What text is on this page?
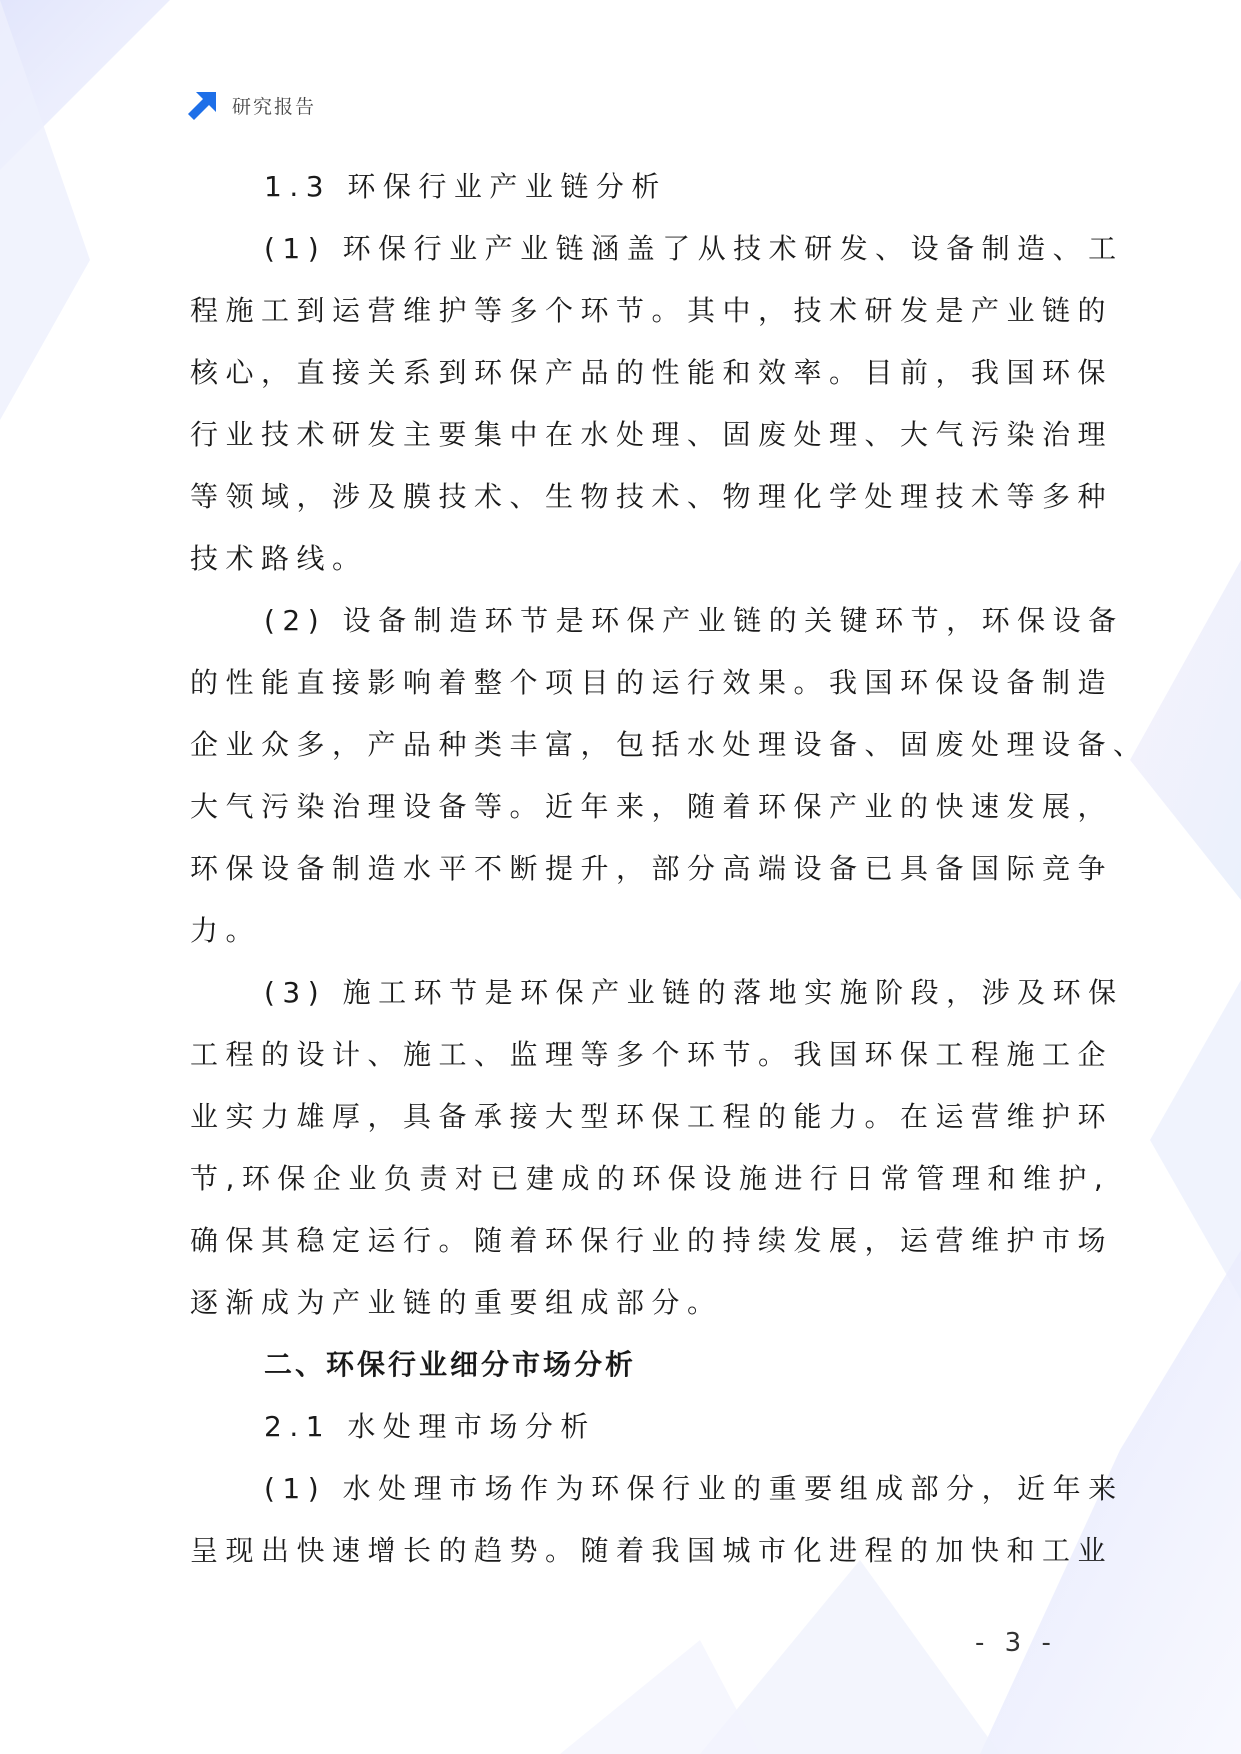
研究报告
1.3 环保行业产业链分析
(1) 环保行业产业链涵盖了从技术研发、设备制造、工
程施工到运营维护等多个环节。其中，技术研发是产业链的
核心，直接关系到环保产品的性能和效率。目前，我国环保
行业技术研发主要集中在水处理、固废处理、大气污染治理
等领域，涉及膜技术、生物技术、物理化学处理技术等多种
技术路线。
(2) 设备制造环节是环保产业链的关键环节，环保设备
的性能直接影响着整个项目的运行效果。我国环保设备制造
企业众多，产品种类丰富，包括水处理设备、固废处理设备、
大气污染治理设备等。近年来，随着环保产业的快速发展，
环保设备制造水平不断提升，部分高端设备已具备国际竞争
力。
(3) 施工环节是环保产业链的落地实施阶段，涉及环保
工程的设计、施工、监理等多个环节。我国环保工程施工企
业实力雄厚，具备承接大型环保工程的能力。在运营维护环
节,环保企业负责对已建成的环保设施进行日常管理和维护,
确保其稳定运行。随着环保行业的持续发展，运营维护市场
逐渐成为产业链的重要组成部分。
二、环保行业细分市场分析
2.1 水处理市场分析
(1) 水处理市场作为环保行业的重要组成部分，近年来
呈现出快速增长的趋势。随着我国城市化进程的加快和工业
- 3 -
